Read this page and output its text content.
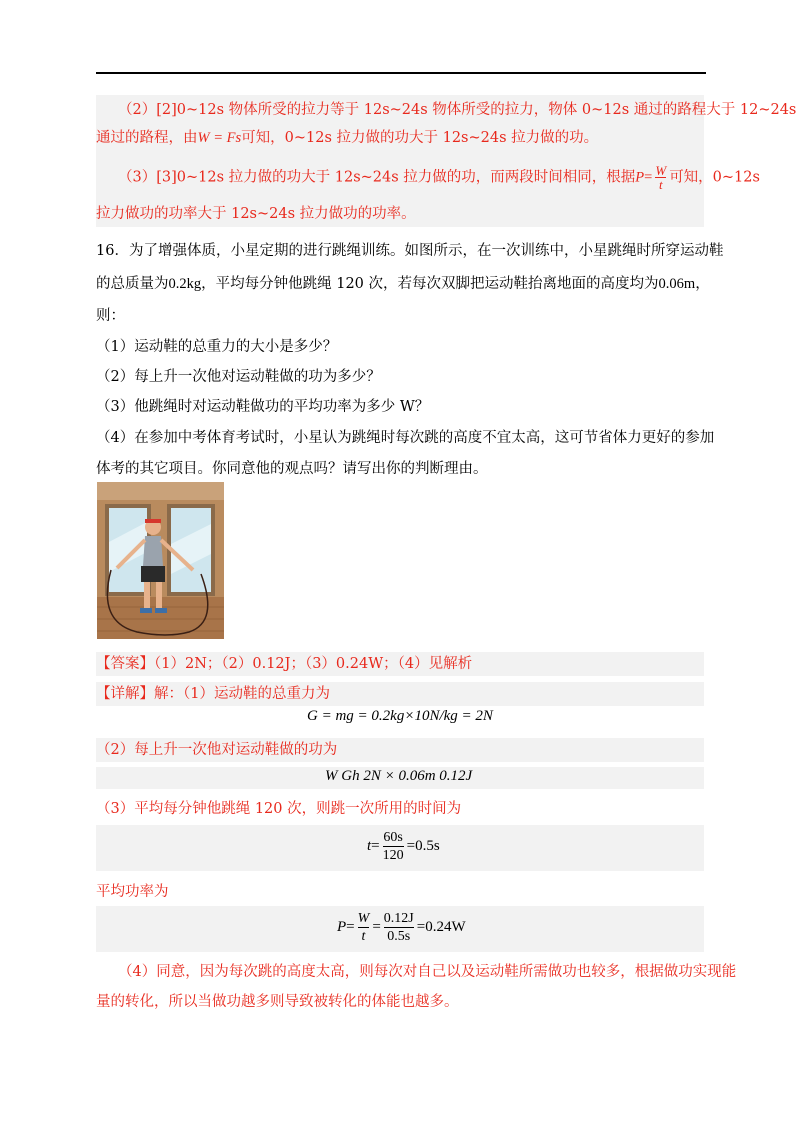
（2）[2]0~12s 物体所受的拉力等于 12s~24s 物体所受的拉力，物体 0~12s 通过的路程大于 12~24s
通过的路程，由W = Fs可知，0~12s 拉力做的功大于 12s~24s 拉力做的功。
（3）[3]0~12s 拉力做的功大于 12s~24s 拉力做的功，而两段时间相同，根据$P= \frac{W}{t}$ 可知，0~12s
拉力做功的功率大于 12s~24s 拉力做功的功率。
16．为了增强体质，小星定期的进行跳绳训练。如图所示，在一次训练中，小星跳绳时所穿运动鞋
的总质量为0.2kg，平均每分钟他跳绳 120 次，若每次双脚把运动鞋抬离地面的高度均为0.06m，
则：
（1）运动鞋的总重力的大小是多少？
（2）每上升一次他对运动鞋做的功为多少？
（3）他跳绳时对运动鞋做功的平均功率为多少 W？
（4）在参加中考体育考试时，小星认为跳绳时每次跳的高度不宜太高，这可节省体力更好的参加
体考的其它项目。你同意他的观点吗？请写出你的判断理由。
【答案】（1）2N；（2）0.12J；（3）0.24W；（4）见解析
【详解】解：（1）运动鞋的总重力为
G = mg = 0.2kg×10N/kg = 2N
（2）每上升一次他对运动鞋做的功为
W Gh 2N × 0.06m 0.12J
（3）平均每分钟他跳绳 120 次，则跳一次所用的时间为
$t = \frac{60s}{120} =0.5s$
平均功率为
$P = \frac{W}{t} = \frac{0.12J}{0.5s} =0.24W$
（4）同意，因为每次跳的高度太高，则每次对自己以及运动鞋所需做功也较多，根据做功实现能
量的转化，所以当做功越多则导致被转化的体能也越多。
